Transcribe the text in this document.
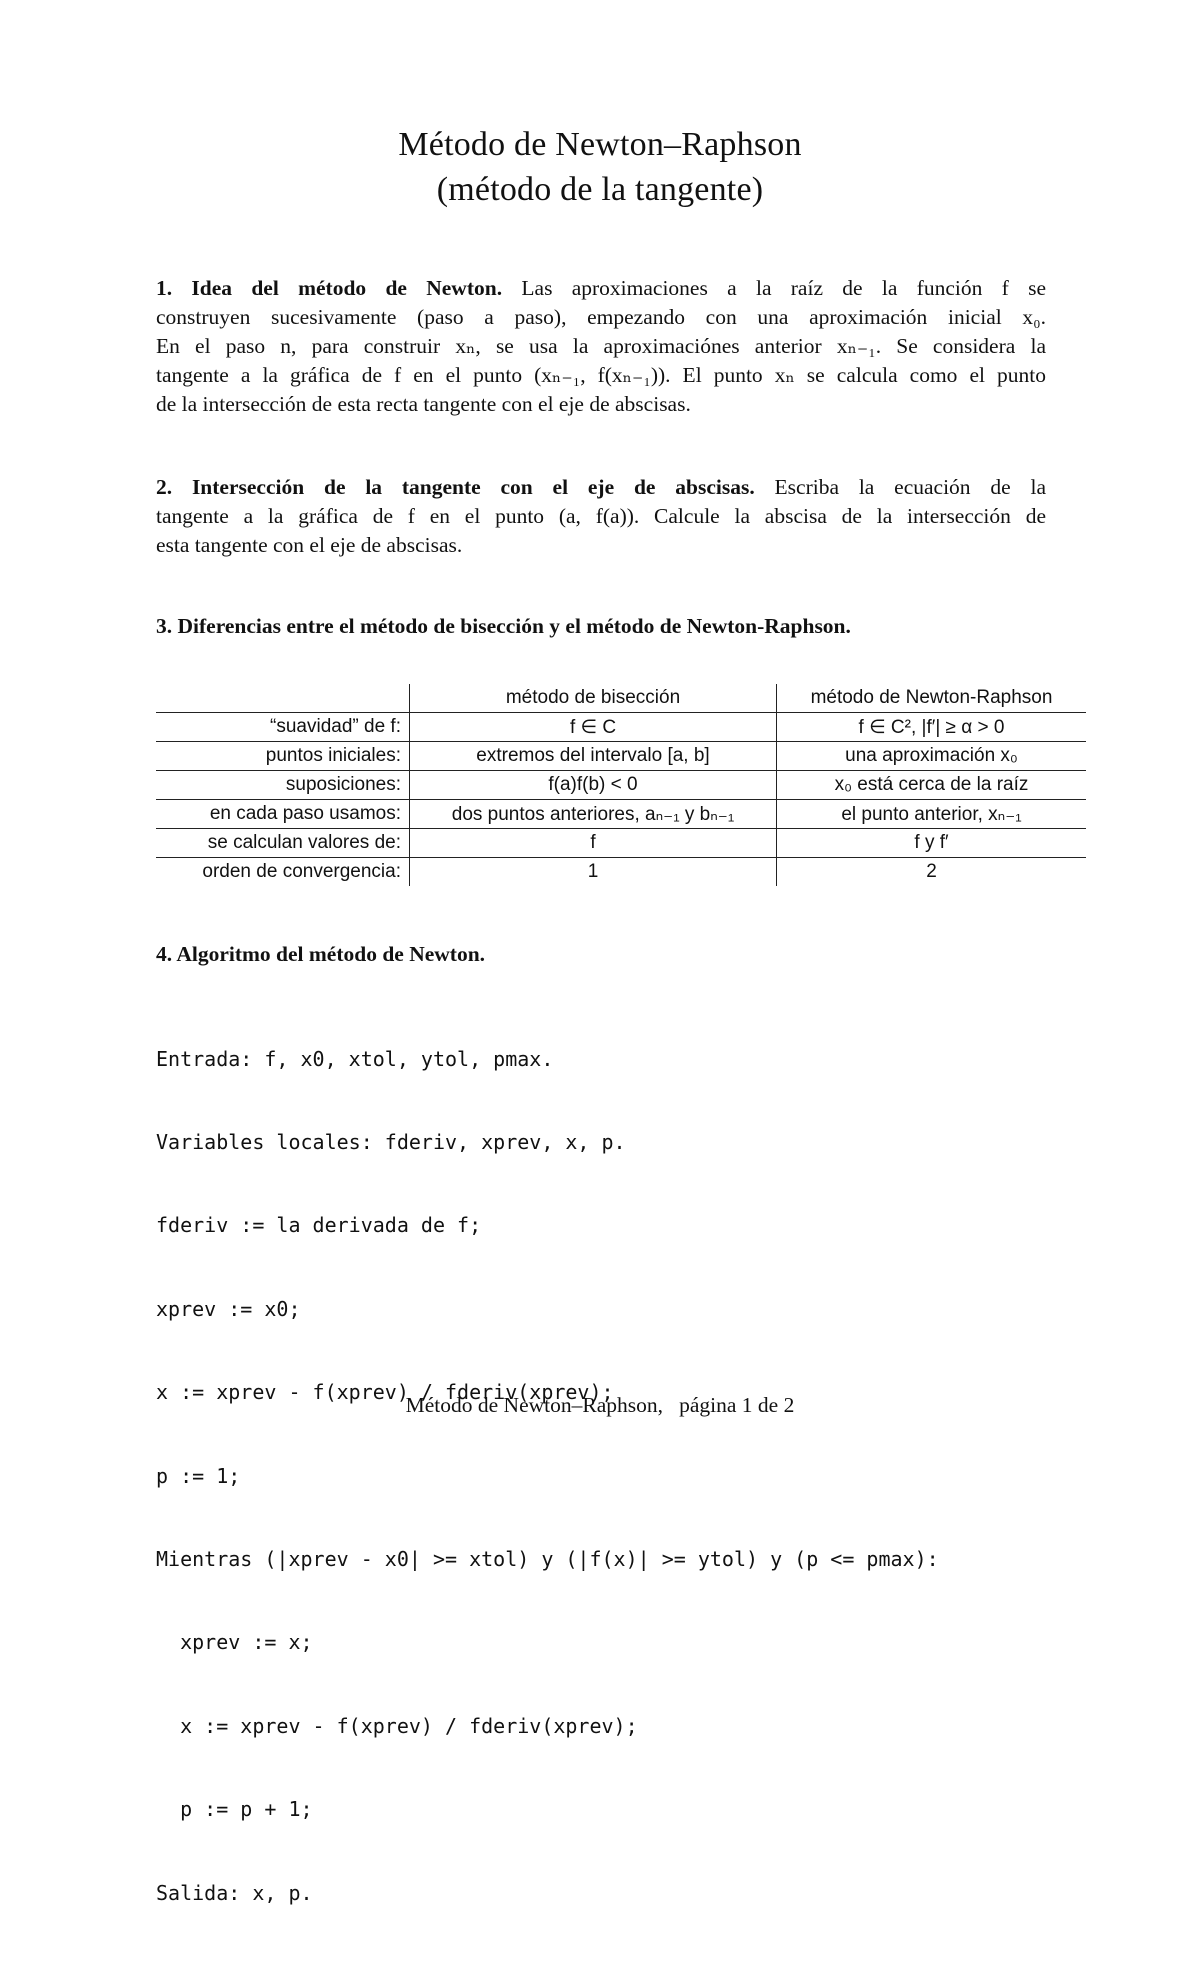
Método de Newton–Raphson
(método de la tangente)
1. Idea del método de Newton. Las aproximaciones a la raíz de la función f se
construyen sucesivamente (paso a paso), empezando con una aproximación inicial x₀.
En el paso n, para construir xₙ, se usa la aproximaciónes anterior xₙ₋₁. Se considera la
tangente a la gráfica de f en el punto (xₙ₋₁, f(xₙ₋₁)). El punto xₙ se calcula como el punto
de la intersección de esta recta tangente con el eje de abscisas.
2. Intersección de la tangente con el eje de abscisas. Escriba la ecuación de la
tangente a la gráfica de f en el punto (a, f(a)). Calcule la abscisa de la intersección de
esta tangente con el eje de abscisas.
3. Diferencias entre el método de bisección y el método de Newton-Raphson.
	método de bisección	método de Newton-Raphson
“suavidad” de f:	f ∈ C	f ∈ C², |f′| ≥ α > 0
puntos iniciales:	extremos del intervalo [a, b]	una aproximación x₀
suposiciones:	f(a)f(b) < 0	x₀ está cerca de la raíz
en cada paso usamos:	dos puntos anteriores, aₙ₋₁ y bₙ₋₁	el punto anterior, xₙ₋₁
se calculan valores de:	f	f y f′
orden de convergencia:	1	2
4. Algoritmo del método de Newton.

Entrada: f, x0, xtol, ytol, pmax.

Variables locales: fderiv, xprev, x, p.

fderiv := la derivada de f;

xprev := x0;

x := xprev - f(xprev) / fderiv(xprev);

p := 1;

Mientras (|xprev - x0| >= xtol) y (|f(x)| >= ytol) y (p <= pmax):

xprev := x;

x := xprev - f(xprev) / fderiv(xprev);

p := p + 1;

Salida: x, p.

Método de Newton–Raphson,   página 1 de 2
